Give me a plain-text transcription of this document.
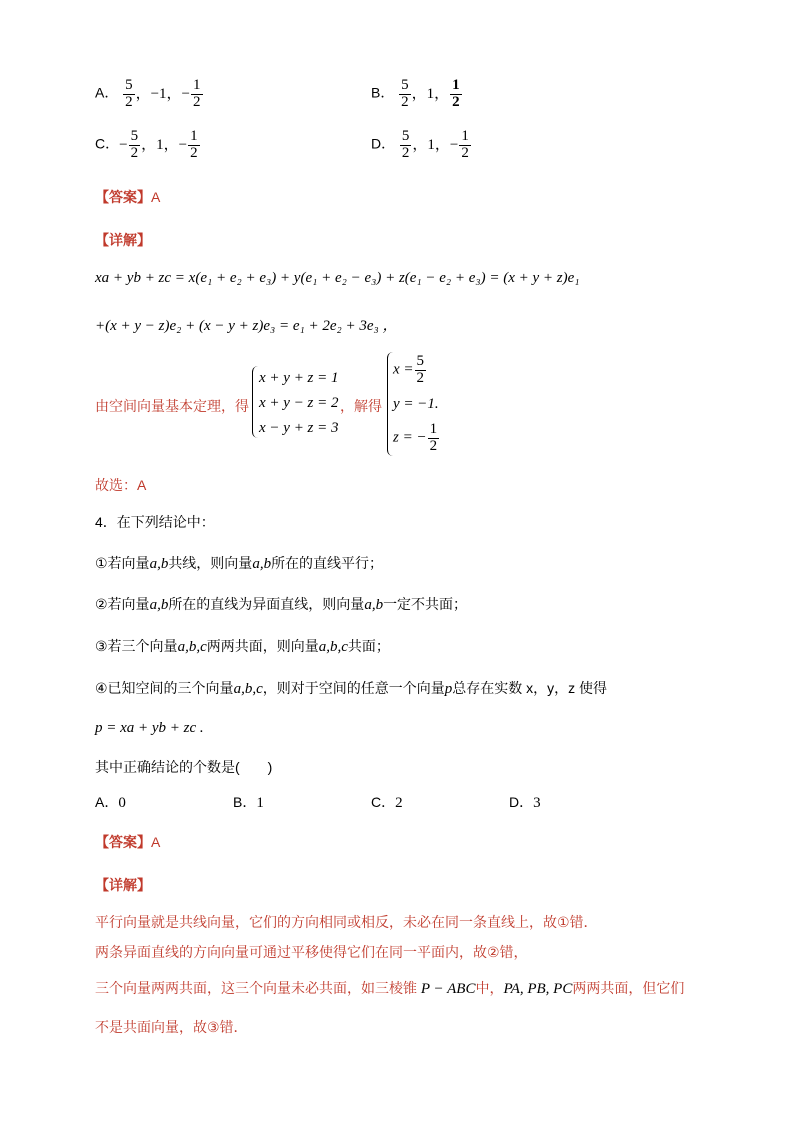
A． $\frac{5}{2}$ ，−1，− $\frac{1}{2}$	B． $\frac{5}{2}$ ，1， $\frac{1}{2}$
C．− $\frac{5}{2}$ ，1，− $\frac{1}{2}$	D． $\frac{5}{2}$ ，1，− $\frac{1}{2}$
【答案】A
【详解】
xa + yb + zc = x(e₁ + e₂ + e₃) + y(e₁ + e₂ − e₃) + z(e₁ − e₂ + e₃) = (x + y + z)e₁
+(x + y − z)e₂ + (x − y + z)e₃ = e₁ + 2e₂ + 3e₃ ，
由空间向量基本定理，得
x + y + z = 1
x + y − z = 2
x − y + z = 3
，解得
$x = \frac{5}{2}$
y = −1.
z = − $\frac{1}{2}$
故选：A
4．在下列结论中：
①若向量a,b共线，则向量a,b所在的直线平行；
②若向量a,b所在的直线为异面直线，则向量a,b一定不共面；
③若三个向量a,b,c两两共面，则向量a,b,c共面；
④已知空间的三个向量a,b,c，则对于空间的任意一个向量p总存在实数 x，y，z 使得
p = xa + yb + zc .
其中正确结论的个数是(　　)
A．0	B．1	C．2	D．3
【答案】A
【详解】
平行向量就是共线向量，它们的方向相同或相反，未必在同一条直线上，故①错．
两条异面直线的方向向量可通过平移使得它们在同一平面内，故②错，
三个向量两两共面，这三个向量未必共面，如三棱锥 P − ABC中，PA, PB, PC两两共面，但它们
不是共面向量，故③错．
